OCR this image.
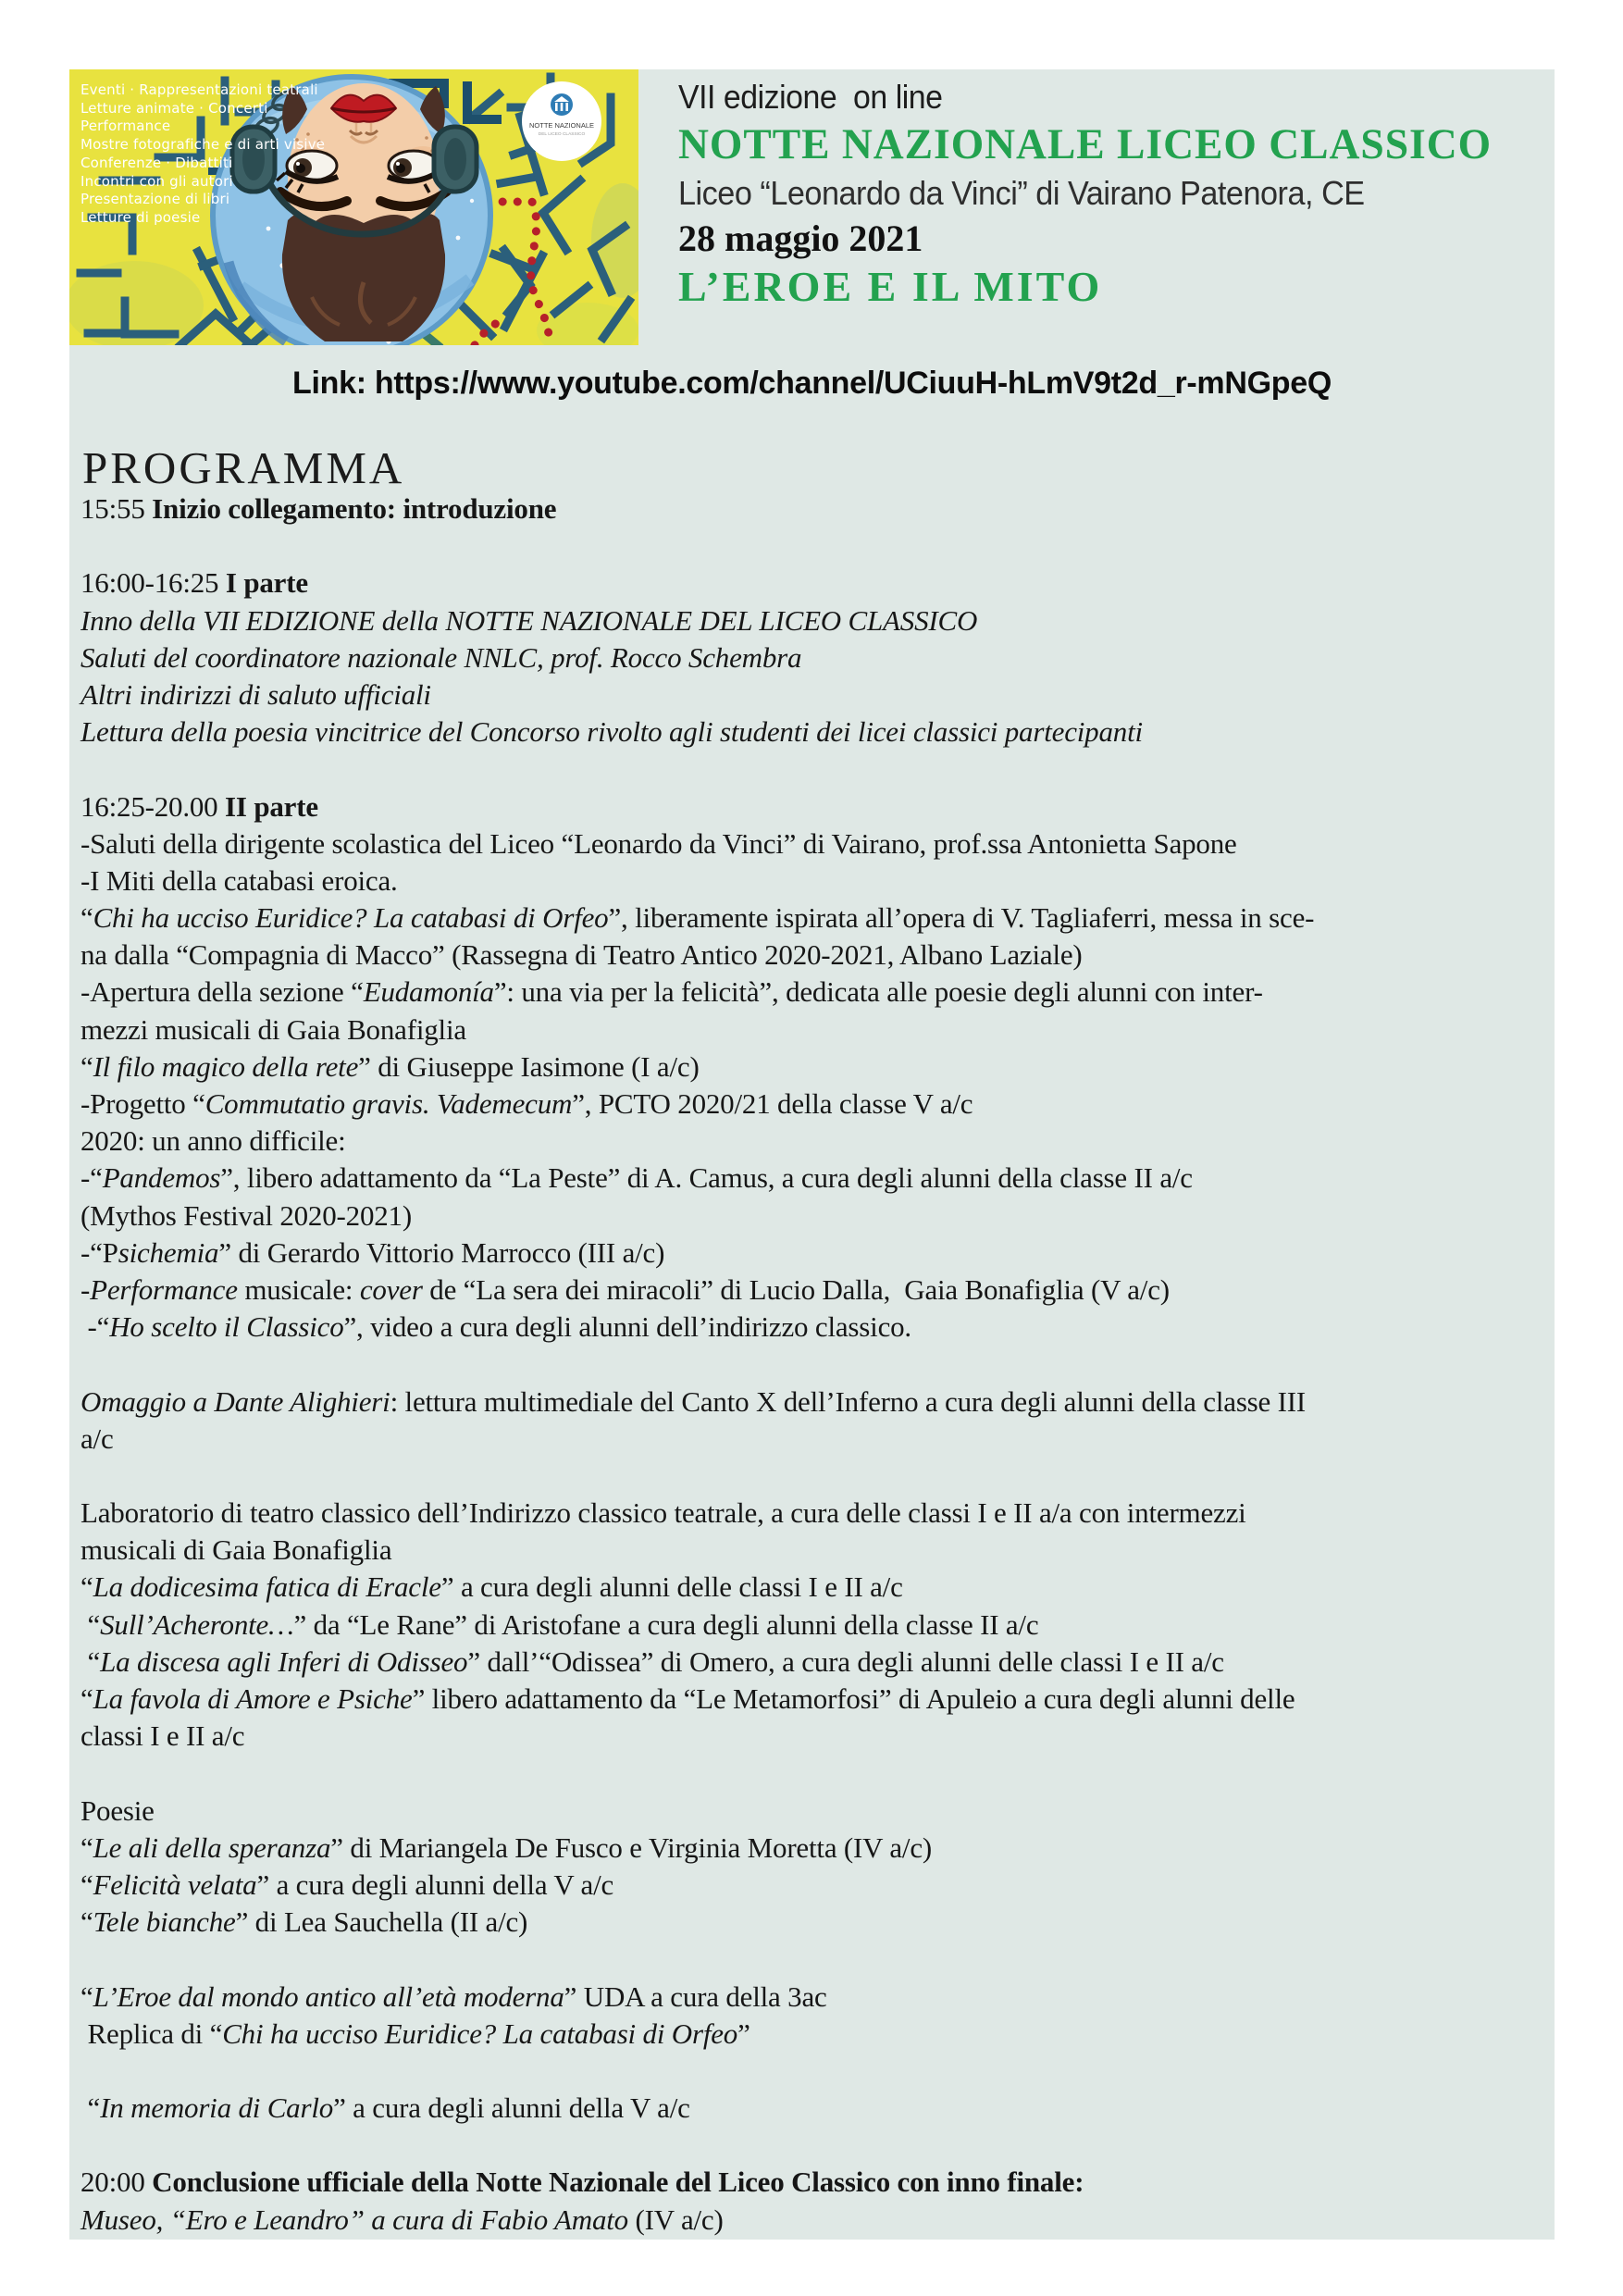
NOTTE NAZIONALE
DEL LICEO CLASSICO
Eventi · Rappresentazioni teatrali
Letture animate · Concerti
Performance
Mostre fotografiche e di arti visive
Conferenze · Dibattiti
Incontri con gli autori
Presentazione di libri
Letture di poesie
VII edizione  on line
NOTTE NAZIONALE LICEO CLASSICO
Liceo “Leonardo da Vinci” di Vairano Patenora, CE
28 maggio 2021
L’EROE E IL MITO
Link: https://www.youtube.com/channel/UCiuuH-hLmV9t2d_r-mNGpeQ
PROGRAMMA
15:55 Inizio collegamento: introduzione
16:00-16:25 I parte
Inno della VII EDIZIONE della NOTTE NAZIONALE DEL LICEO CLASSICO
Saluti del coordinatore nazionale NNLC, prof. Rocco Schembra
Altri indirizzi di saluto ufficiali
Lettura della poesia vincitrice del Concorso rivolto agli studenti dei licei classici partecipanti
16:25-20.00 II parte
-Saluti della dirigente scolastica del Liceo “Leonardo da Vinci” di Vairano, prof.ssa Antonietta Sapone
-I Miti della catabasi eroica.
“Chi ha ucciso Euridice? La catabasi di Orfeo”, liberamente ispirata all’opera di V. Tagliaferri, messa in sce-
na dalla “Compagnia di Macco” (Rassegna di Teatro Antico 2020-2021, Albano Laziale)
-Apertura della sezione “Eudamonía”: una via per la felicità”, dedicata alle poesie degli alunni con inter-
mezzi musicali di Gaia Bonafiglia
“Il filo magico della rete” di Giuseppe Iasimone (I a/c)
-Progetto “Commutatio gravis. Vademecum”, PCTO 2020/21 della classe V a/c
2020: un anno difficile:
-“Pandemos”, libero adattamento da “La Peste” di A. Camus, a cura degli alunni della classe II a/c
(Mythos Festival 2020-2021)
-“Psichemia” di Gerardo Vittorio Marrocco (III a/c)
-Performance musicale: cover de “La sera dei miracoli” di Lucio Dalla,  Gaia Bonafiglia (V a/c)
-“Ho scelto il Classico”, video a cura degli alunni dell’indirizzo classico.
Omaggio a Dante Alighieri: lettura multimediale del Canto X dell’Inferno a cura degli alunni della classe III
a/c
Laboratorio di teatro classico dell’Indirizzo classico teatrale, a cura delle classi I e II a/a con intermezzi
musicali di Gaia Bonafiglia
“La dodicesima fatica di Eracle” a cura degli alunni delle classi I e II a/c
“Sull’Acheronte…” da “Le Rane” di Aristofane a cura degli alunni della classe II a/c
“La discesa agli Inferi di Odisseo” dall’“Odissea” di Omero, a cura degli alunni delle classi I e II a/c
“La favola di Amore e Psiche” libero adattamento da “Le Metamorfosi” di Apuleio a cura degli alunni delle
classi I e II a/c
Poesie
“Le ali della speranza” di Mariangela De Fusco e Virginia Moretta (IV a/c)
“Felicità velata” a cura degli alunni della V a/c
“Tele bianche” di Lea Sauchella (II a/c)
“L’Eroe dal mondo antico all’età moderna” UDA a cura della 3ac
Replica di “Chi ha ucciso Euridice? La catabasi di Orfeo”
“In memoria di Carlo” a cura degli alunni della V a/c
20:00 Conclusione ufficiale della Notte Nazionale del Liceo Classico con inno finale:
Museo, “Ero e Leandro” a cura di Fabio Amato (IV a/c)
